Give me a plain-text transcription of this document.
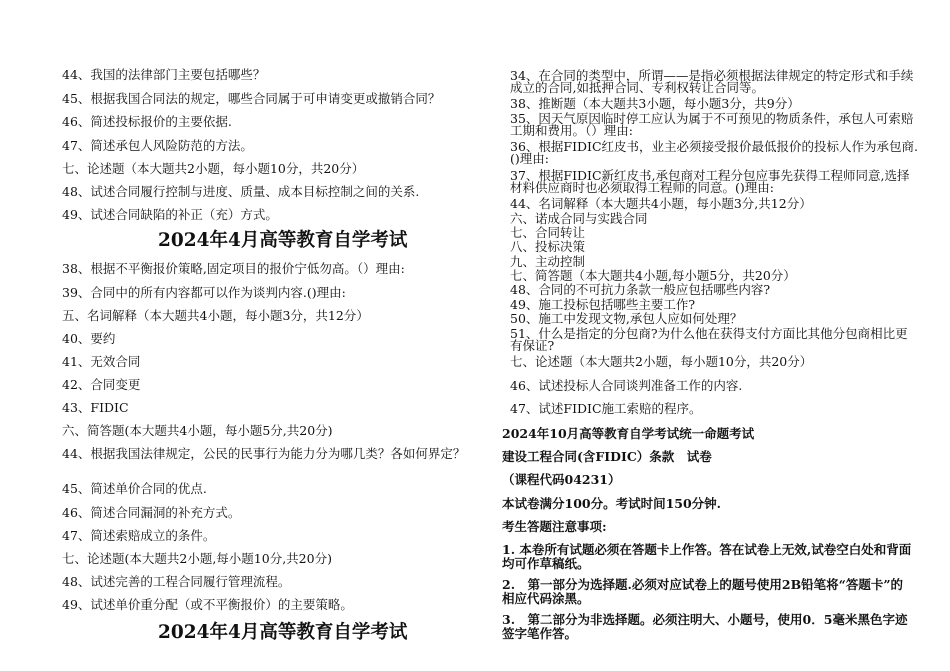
44、我国的法律部门主要包括哪些？
45、根据我国合同法的规定，哪些合同属于可申请变更或撤销合同？
46、简述投标报价的主要依据.
47、简述承包人风险防范的方法。
七、论述题（本大题共2小题，每小题10分，共20分）
48、试述合同履行控制与进度、质量、成本目标控制之间的关系.
49、试述合同缺陷的补正（充）方式。
2024年4月高等教育自学考试
38、根据不平衡报价策略,固定项目的报价宁低勿高。（）理由:
39、合同中的所有内容都可以作为谈判内容.()理由:
五、名词解释（本大题共4小题，每小题3分，共12分）
40、要约
41、无效合同
42、合同变更
43、FIDIC
六、简答题(本大题共4小题，每小题5分,共20分)
44、根据我国法律规定，公民的民事行为能力分为哪几类？各如何界定？
45、简述单价合同的优点.
46、简述合同漏洞的补充方式。
47、简述索赔成立的条件。
七、论述题(本大题共2小题,每小题10分,共20分)
48、试述完善的工程合同履行管理流程。
49、试述单价重分配（或不平衡报价）的主要策略。
2024年4月高等教育自学考试
34、在合同的类型中，所谓——是指必须根据法律规定的特定形式和手续成立的合同,如抵押合同、专利权转让合同等。
38、推断题（本大题共3小题，每小题3分，共9分）
35、因天气原因临时停工应认为属于不可预见的物质条件，承包人可索赔工期和费用。（）理由:
36、根据FIDIC红皮书，业主必须接受报价最低报价的投标人作为承包商.()理由:
37、根据FIDIC新红皮书,承包商对工程分包应事先获得工程师同意,选择材料供应商时也必须取得工程师的同意。()理由:
44、名词解释（本大题共4小题，每小题3分,共12分）
六、诺成合同与实践合同
七、合同转让
八、投标决策
九、主动控制
七、简答题（本大题共4小题,每小题5分，共20分）
48、合同的不可抗力条款一般应包括哪些内容?
49、施工投标包括哪些主要工作?
50、施工中发现文物,承包人应如何处理？
51、什么是指定的分包商?为什么他在获得支付方面比其他分包商相比更有保证?
七、论述题（本大题共2小题，每小题10分，共20分）
46、试述投标人合同谈判准备工作的内容.
47、试述FIDIC施工索赔的程序。
2024年10月高等教育自学考试统一命题考试
建设工程合同(含FIDIC）条款　试卷
（课程代码04231）
本试卷满分100分。考试时间150分钟.
考生答题注意事项:
1. 本卷所有试题必须在答题卡上作答。答在试卷上无效,试卷空白处和背面均可作草稿纸。
2.　第一部分为选择题.必须对应试卷上的题号使用2B铅笔将“答题卡”的相应代码涂黑。
3.　第二部分为非选择题。必须注明大、小题号，使用0．5毫米黑色字迹签字笔作答。
